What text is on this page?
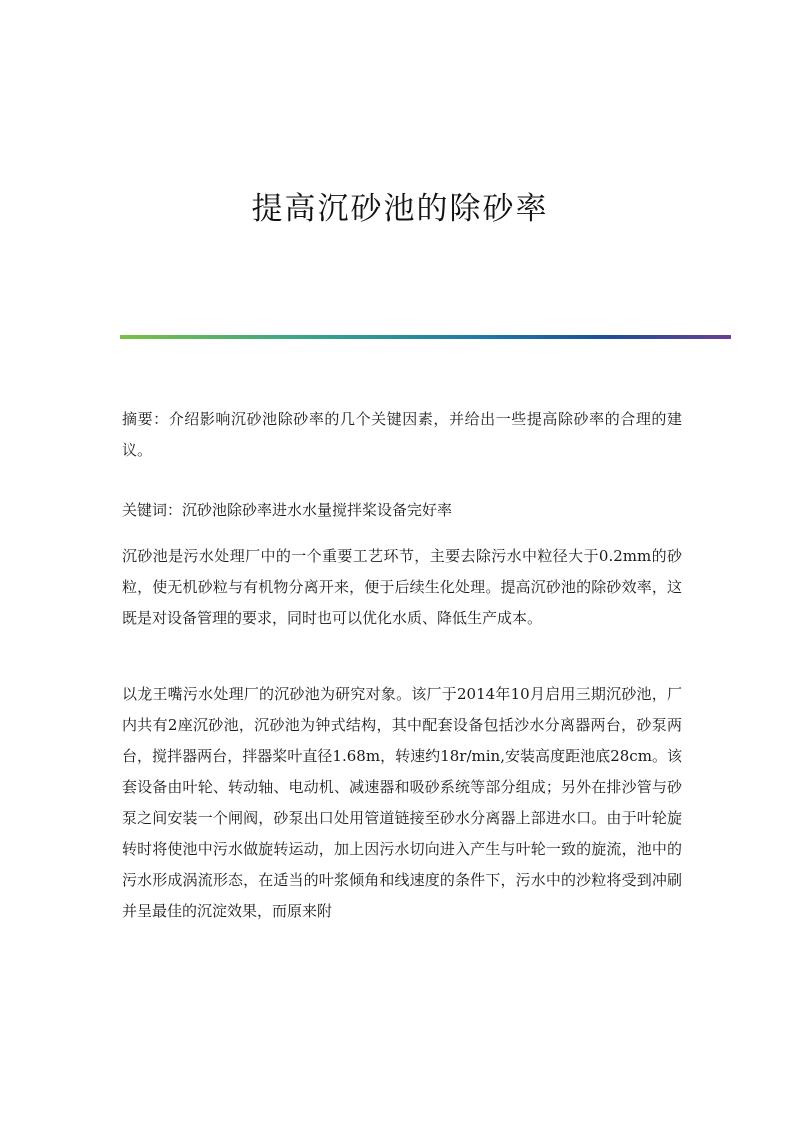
提高沉砂池的除砂率

摘要：介绍影响沉砂池除砂率的几个关键因素，并给出一些提高除砂率的合理的建议。

关键词：沉砂池除砂率进水水量搅拌桨设备完好率

沉砂池是污水处理厂中的一个重要工艺环节，主要去除污水中粒径大于0.2mm的砂粒，使无机砂粒与有机物分离开来，便于后续生化处理。提高沉砂池的除砂效率，这既是对设备管理的要求，同时也可以优化水质、降低生产成本。

以龙王嘴污水处理厂的沉砂池为研究对象。该厂于2014年10月启用三期沉砂池，厂内共有2座沉砂池，沉砂池为钟式结构，其中配套设备包括沙水分离器两台，砂泵两台，搅拌器两台，拌器桨叶直径1.68m，转速约18r/min,安装高度距池底28cm。该套设备由叶轮、转动轴、电动机、减速器和吸砂系统等部分组成；另外在排沙管与砂泵之间安装一个闸阀，砂泵出口处用管道链接至砂水分离器上部进水口。由于叶轮旋转时将使池中污水做旋转运动，加上因污水切向进入产生与叶轮一致的旋流，池中的污水形成涡流形态，在适当的叶浆倾角和线速度的条件下，污水中的沙粒将受到冲刷并呈最佳的沉淀效果，而原来附
